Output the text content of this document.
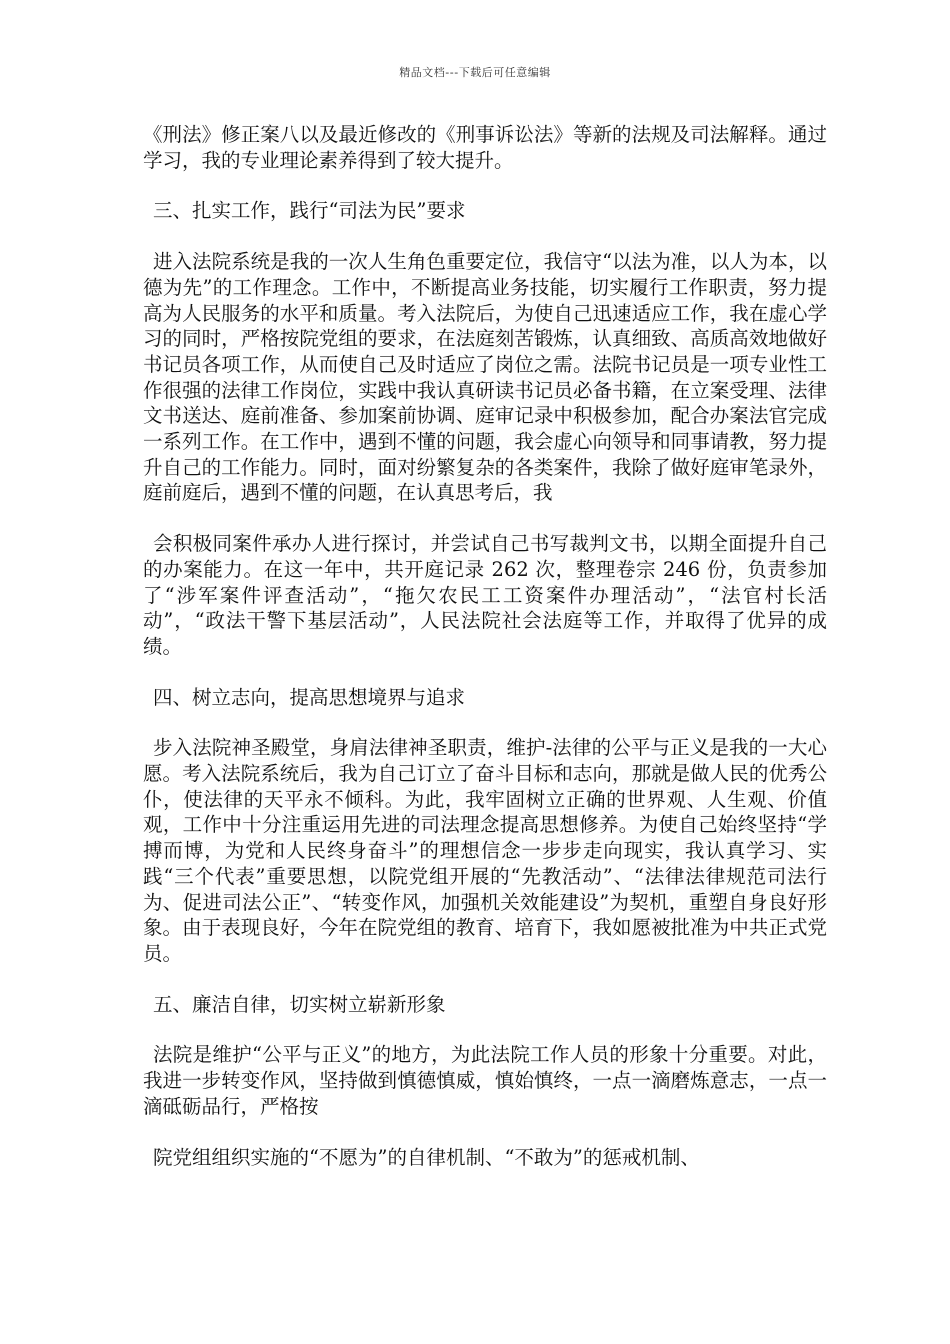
精品文档---下载后可任意编辑

《刑法》修正案八以及最近修改的《刑事诉讼法》等新的法规及司法解释。通过学习，我的专业理论素养得到了较大提升。

三、扎实工作，践行“司法为民”要求

进入法院系统是我的一次人生角色重要定位，我信守“以法为准，以人为本，以德为先”的工作理念。工作中，不断提高业务技能，切实履行工作职责，努力提高为人民服务的水平和质量。考入法院后，为使自己迅速适应工作，我在虚心学习的同时，严格按院党组的要求，在法庭刻苦锻炼，认真细致、高质高效地做好书记员各项工作，从而使自己及时适应了岗位之需。法院书记员是一项专业性工作很强的法律工作岗位，实践中我认真研读书记员必备书籍，在立案受理、法律文书送达、庭前准备、参加案前协调、庭审记录中积极参加，配合办案法官完成一系列工作。在工作中，遇到不懂的问题，我会虚心向领导和同事请教，努力提升自己的工作能力。同时，面对纷繁复杂的各类案件，我除了做好庭审笔录外，庭前庭后，遇到不懂的问题，在认真思考后，我

会积极同案件承办人进行探讨，并尝试自己书写裁判文书，以期全面提升自己的办案能力。在这一年中，共开庭记录 262 次，整理卷宗 246 份，负责参加了“涉军案件评查活动”，“拖欠农民工工资案件办理活动”，“法官村长活动”，“政法干警下基层活动”，人民法院社会法庭等工作，并取得了优异的成绩。

四、树立志向，提高思想境界与追求

步入法院神圣殿堂，身肩法律神圣职责，维护-法律的公平与正义是我的一大心愿。考入法院系统后，我为自己订立了奋斗目标和志向，那就是做人民的优秀公仆，使法律的天平永不倾科。为此，我牢固树立正确的世界观、人生观、价值观，工作中十分注重运用先进的司法理念提高思想修养。为使自己始终坚持“学搏而博，为党和人民终身奋斗”的理想信念一步步走向现实，我认真学习、实践“三个代表”重要思想，以院党组开展的“先教活动”、“法律法律规范司法行为、促进司法公正”、“转变作风，加强机关效能建设”为契机，重塑自身良好形象。由于表现良好，今年在院党组的教育、培育下，我如愿被批准为中共正式党员。

五、廉洁自律，切实树立崭新形象

法院是维护“公平与正义”的地方，为此法院工作人员的形象十分重要。对此，我进一步转变作风，坚持做到慎德慎威，慎始慎终，一点一滴磨炼意志，一点一滴砥砺品行，严格按

院党组组织实施的“不愿为”的自律机制、“不敢为”的惩戒机制、
